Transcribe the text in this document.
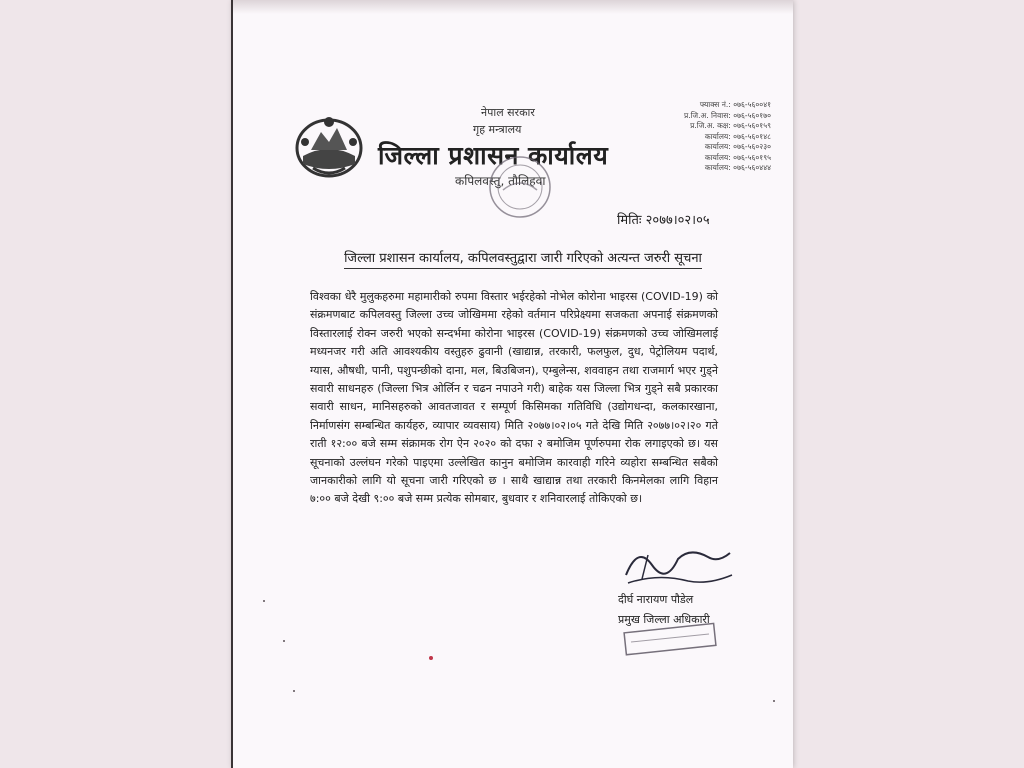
नेपाल सरकार
गृह मन्त्रालय
जिल्ला प्रशासन कार्यालय
कपिलवस्तु, तौलिहवा
फ्याक्स नं.: ०७६-५६००४१
प्र.जि.अ. निवास: ०७६-५६०१७०
प्र.जि.अ. कक्ष: ०७६-५६०१५९
कार्यालय: ०७६-५६०१४८
कार्यालय: ०७६-५६०२३०
कार्यालय: ०७६-५६०१९५
कार्यालय: ०७६-५६०४४४
मितिः २०७७।०२।०५
जिल्ला प्रशासन कार्यालय, कपिलवस्तुद्वारा जारी गरिएको अत्यन्त जरुरी सूचना
विश्वका धेरै मुलुकहरुमा महामारीको रुपमा विस्तार भईरहेको नोभेल कोरोना भाइरस (COVID-19) को संक्रमणबाट कपिलवस्तु जिल्ला उच्च जोखिममा रहेको वर्तमान परिप्रेक्ष्यमा सजकता अपनाई संक्रमणको विस्तारलाई रोक्न जरुरी भएको सन्दर्भमा कोरोना भाइरस (COVID-19) संक्रमणको उच्च जोखिमलाई मध्यनजर गरी अति आवश्यकीय वस्तुहरु ढुवानी (खाद्यान्न, तरकारी, फलफुल, दुध, पेट्रोलियम पदार्थ, ग्यास, औषधी, पानी, पशुपन्छीको दाना, मल, बिउबिजन), एम्बुलेन्स, शववाहन तथा राजमार्ग भएर गुड्ने सवारी साधनहरु (जिल्ला भित्र ओर्लिन र चढन नपाउने गरी) बाहेक यस जिल्ला भित्र गुड्ने सबै प्रकारका सवारी साधन, मानिसहरुको आवतजावत र सम्पूर्ण किसिमका गतिविधि (उद्योगधन्दा, कलकारखाना, निर्माणसंग सम्बन्धित कार्यहरु, व्यापार व्यवसाय) मिति २०७७।०२।०५ गते देखि मिति २०७७।०२।२० गते राती १२:०० बजे सम्म संक्रामक रोग ऐन २०२० को दफा २ बमोजिम पूर्णरुपमा रोक लगाइएको छ। यस सूचनाको उल्लंघन गरेको पाइएमा उल्लेखित कानुन बमोजिम कारवाही गरिने व्यहोरा सम्बन्धित सबैको जानकारीको लागि यो सूचना जारी गरिएको छ । साथै खाद्यान्न तथा तरकारी किनमेलका लागि विहान ७:०० बजे देखी ९:०० बजे सम्म प्रत्येक सोमबार, बुधवार र शनिवारलाई तोकिएको छ।
दीर्घ नारायण पौडेल
प्रमुख जिल्ला अधिकारी
